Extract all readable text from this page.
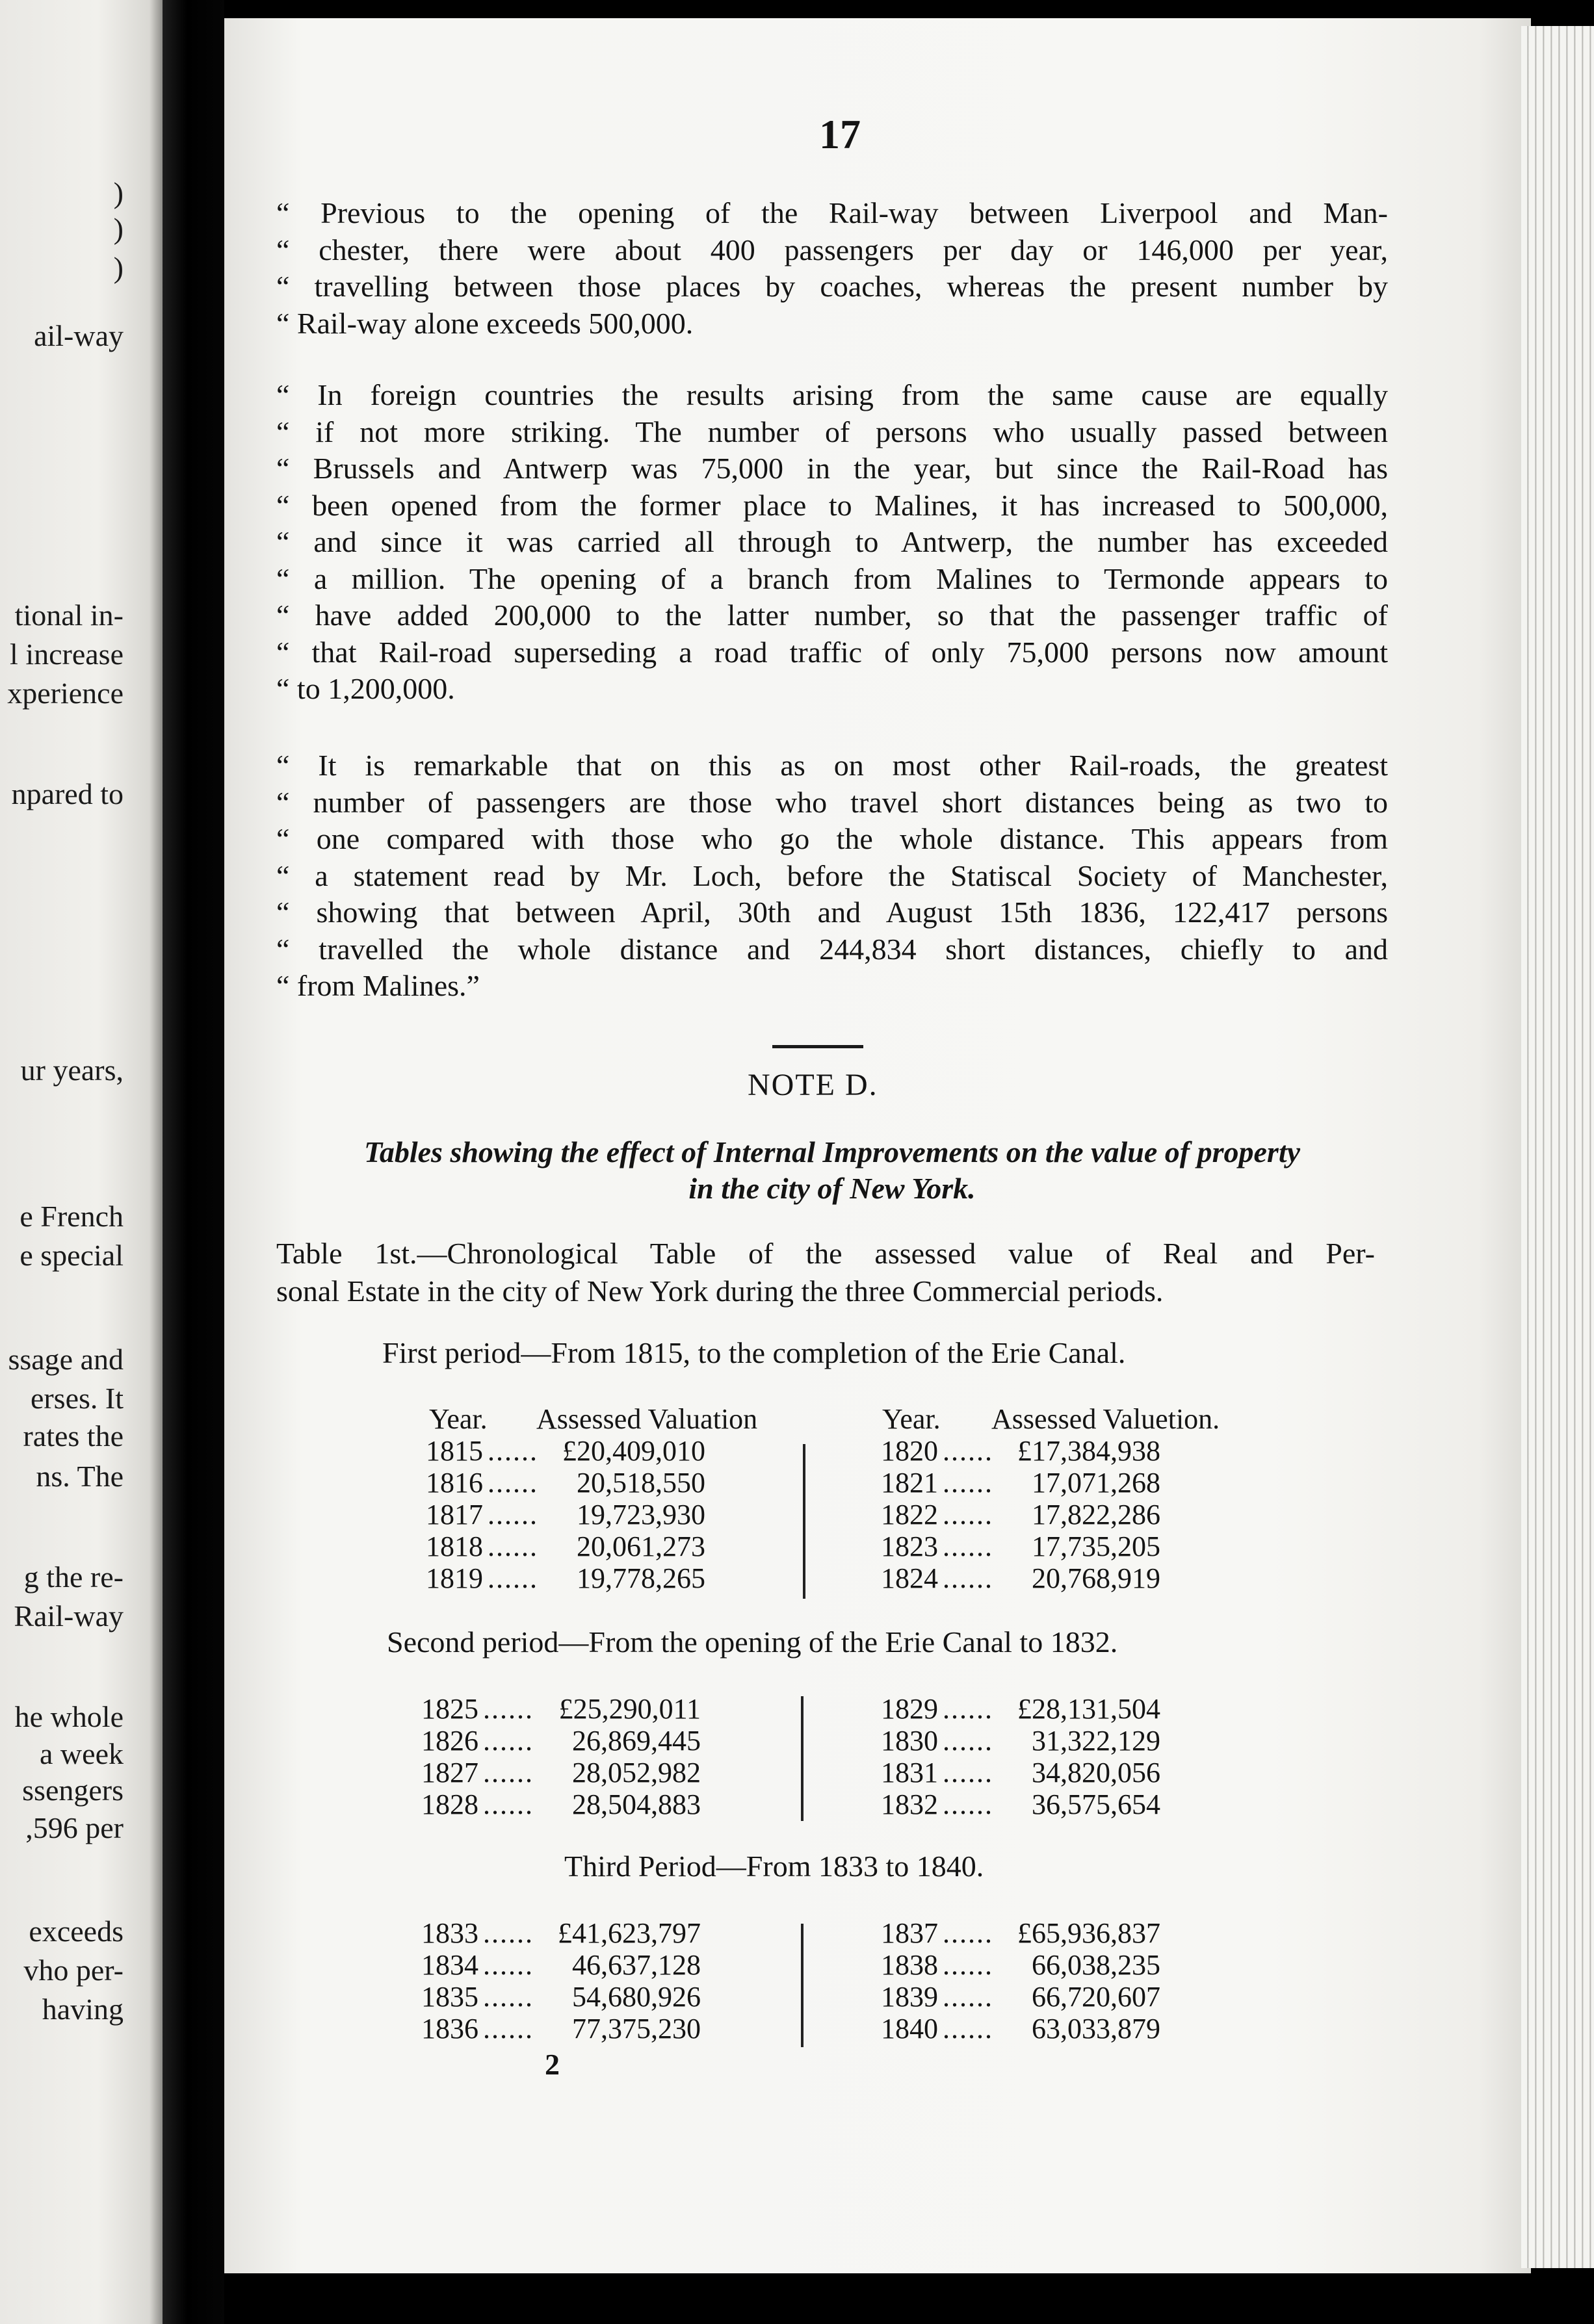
)
)
)
ail-way
tional in-
l increase
xperience
npared to
ur years,
e French
e special
ssage and
erses. It
rates the
ns. The
g the re-
Rail-way
he whole
a week
ssengers
,596 per
exceeds
vho per-
having
17
“ Previous to the opening of the Rail-way between Liverpool and Man-
“ chester, there were about 400 passengers per day or 146,000 per year,
“ travelling between those places by coaches, whereas the present number by
“ Rail-way alone exceeds 500,000.
“ In foreign countries the results arising from the same cause are equally
“ if not more striking. The number of persons who usually passed between
“ Brussels and Antwerp was 75,000 in the year, but since the Rail-Road has
“ been opened from the former place to Malines, it has increased to 500,000,
“ and since it was carried all through to Antwerp, the number has exceeded
“ a million. The opening of a branch from Malines to Termonde appears to
“ have added 200,000 to the latter number, so that the passenger traffic of
“ that Rail-road superseding a road traffic of only 75,000 persons now amount
“ to 1,200,000.
“ It is remarkable that on this as on most other Rail-roads, the greatest
“ number of passengers are those who travel short distances being as two to
“ one compared with those who go the whole distance. This appears from
“ a statement read by Mr. Loch, before the Statiscal Society of Manchester,
“ showing that between April, 30th and August 15th 1836, 122,417 persons
“ travelled the whole distance and 244,834 short distances, chiefly to and
“ from Malines.”
NOTE D.
Tables showing the effect of Internal Improvements on the value of property
in the city of New York.
Table 1st.—Chronological Table of the assessed value of Real and Per-
sonal Estate in the city of New York during the three Commercial periods.
First period—From 1815, to the completion of the Erie Canal.
Second period—From the opening of the Erie Canal to 1832.
Third Period—From 1833 to 1840.
Year. Assessed Valuation	Year. Assessed Valuetion.
1815 ...... £20,409,010
1816 ......	20,518,550
1817 ......	19,723,930
1818 ......	20,061,273
1819 ......	19,778,265
1820 ...... £17,384,938
1821 ......	17,071,268
1822 ......	17,822,286
1823 ......	17,735,205
1824 ......	20,768,919
1825 ...... £25,290,011
1826 ......	26,869,445
1827 ......	28,052,982
1828 ......	28,504,883
1829 ...... £28,131,504
1830 ......	31,322,129
1831 ......	34,820,056
1832 ......	36,575,654
1833 ...... £41,623,797
1834 ......	46,637,128
1835 ......	54,680,926
1836 ......	77,375,230
1837 ...... £65,936,837
1838 ......	66,038,235
1839 ......	66,720,607
1840 ......	63,033,879
2
